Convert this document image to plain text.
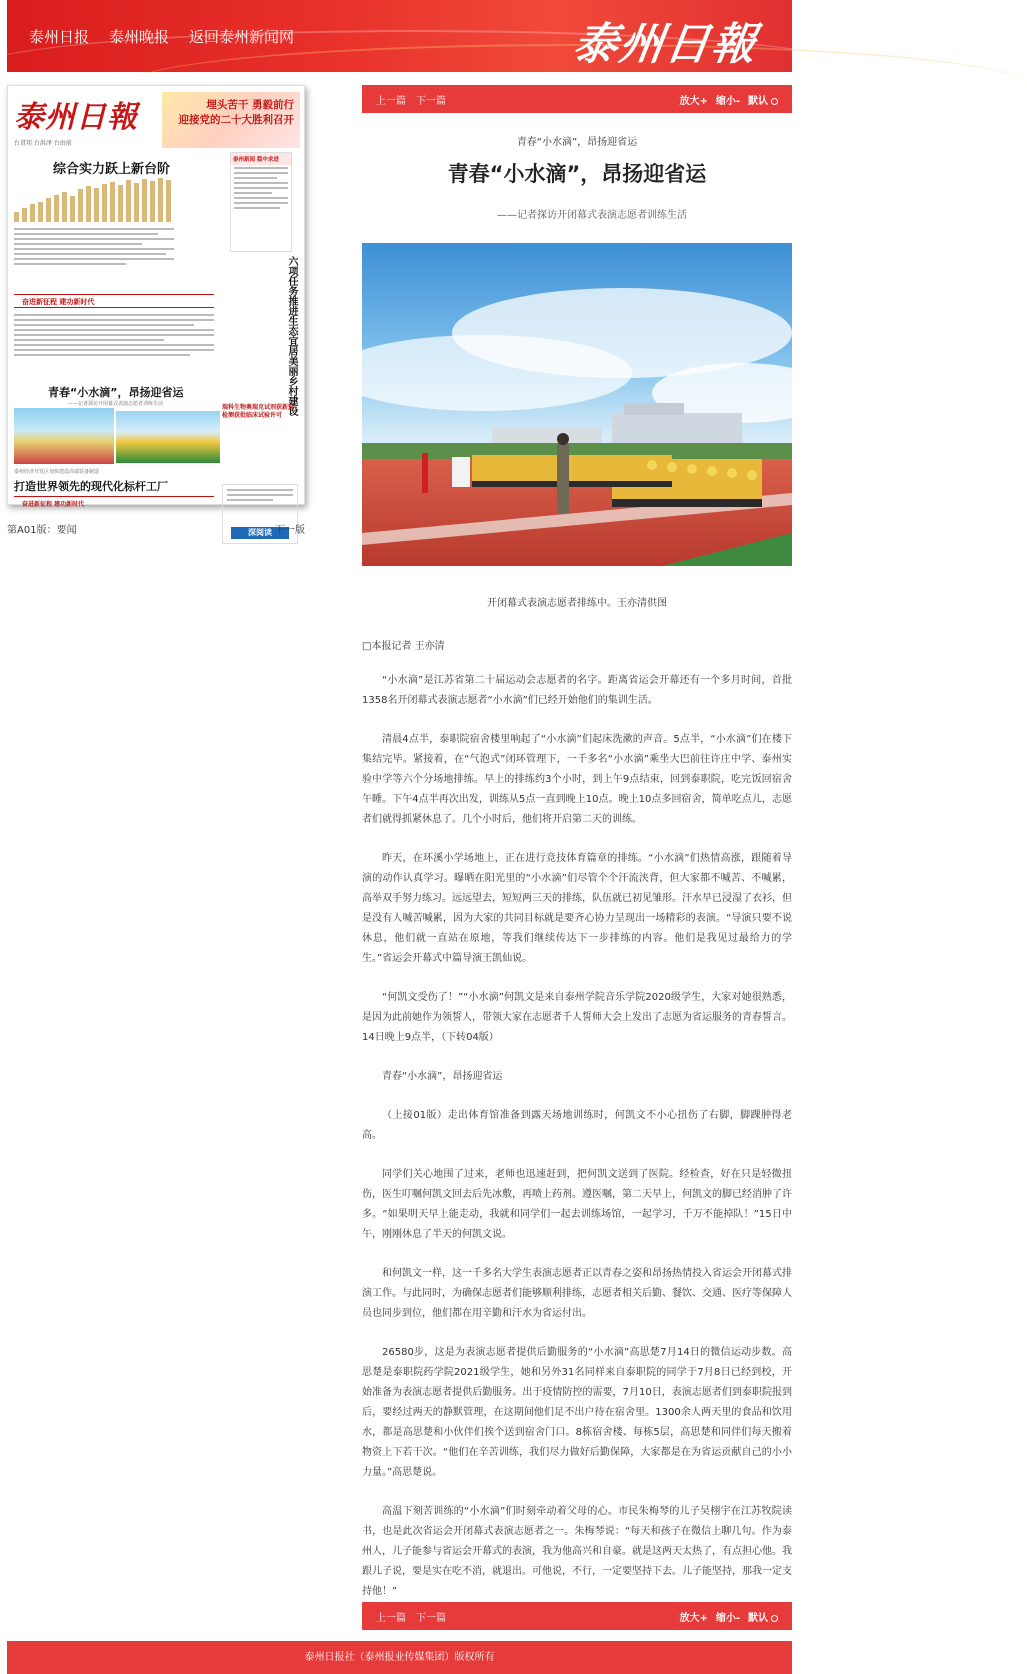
泰州日报 泰州晚报 返回泰州新闻网	泰州日報
泰州日報
台贯邦 台洪泽 台由前
埋头苦干 勇毅前行
迎接党的二十大胜利召开
综合实力跃上新台阶
泰州新闻 稳中求进
六项任务推进生态宜居美丽乡村建设
奋进新征程 建功新时代
青春“小水滴”，昂扬迎省运
——记者探访开闭幕式表演志愿者训练生活	瑞科生物奥瑞克试剂获新冠检测获批临床试验许可
泰州经济开发区加快建设高端装备制造
打造世界领先的现代化标杆工厂
奋进新征程 建功新时代
深阅读
第A01版：要闻	下一版
上一篇 下一篇	放大+ 缩小- 默认
青春“小水滴”，昂扬迎省运
青春“小水滴”，昂扬迎省运
——记者探访开闭幕式表演志愿者训练生活
开闭幕式表演志愿者排练中。王亦清供图
□本报记者 王亦清

“小水滴”是江苏省第二十届运动会志愿者的名字。距离省运会开幕还有一个多月时间，首批1358名开闭幕式表演志愿者“小水滴”们已经开始他们的集训生活。

清晨4点半，泰职院宿舍楼里响起了“小水滴”们起床洗漱的声音。5点半，“小水滴”们在楼下集结完毕。紧接着，在“气泡式”闭环管理下，一千多名“小水滴”乘坐大巴前往许庄中学、泰州实验中学等六个分场地排练。早上的排练约3个小时，到上午9点结束，回到泰职院，吃完饭回宿舍午睡。下午4点半再次出发，训练从5点一直到晚上10点。晚上10点多回宿舍，简单吃点儿，志愿者们就得抓紧休息了。几个小时后，他们将开启第二天的训练。

昨天，在环溪小学场地上，正在进行竞技体育篇章的排练。“小水滴”们热情高涨，跟随着导演的动作认真学习。曝晒在阳光里的“小水滴”们尽管个个汗流浃背，但大家都不喊苦、不喊累，高举双手努力练习。远远望去，短短两三天的排练，队伍就已初见雏形。汗水早已浸湿了衣衫，但是没有人喊苦喊累，因为大家的共同目标就是要齐心协力呈现出一场精彩的表演。“导演只要不说休息，他们就一直站在原地，等我们继续传达下一步排练的内容。他们是我见过最给力的学生。”省运会开幕式中篇导演王凯仙说。

“何凯文受伤了！”“小水滴”何凯文是来自泰州学院音乐学院2020级学生，大家对她很熟悉，是因为此前她作为领誓人，带领大家在志愿者千人誓师大会上发出了志愿为省运服务的青春誓言。14日晚上9点半，（下转04版）

青春“小水滴”，昂扬迎省运

（上接01版）走出体育馆准备到露天场地训练时，何凯文不小心扭伤了右脚，脚踝肿得老高。

同学们关心地围了过来，老师也迅速赶到，把何凯文送到了医院。经检查，好在只是轻微扭伤，医生叮嘱何凯文回去后先冰敷，再喷上药剂。遵医嘱，第二天早上，何凯文的脚已经消肿了许多。“如果明天早上能走动，我就和同学们一起去训练场馆，一起学习，千万不能掉队！”15日中午，刚刚休息了半天的何凯文说。

和何凯文一样，这一千多名大学生表演志愿者正以青春之姿和昂扬热情投入省运会开闭幕式排演工作。与此同时，为确保志愿者们能够顺利排练，志愿者相关后勤、餐饮、交通、医疗等保障人员也同步到位，他们都在用辛勤和汗水为省运付出。

26580步，这是为表演志愿者提供后勤服务的“小水滴”高思楚7月14日的微信运动步数。高思楚是泰职院药学院2021级学生，她和另外31名同样来自泰职院的同学于7月8日已经到校，开始准备为表演志愿者提供后勤服务。出于疫情防控的需要，7月10日，表演志愿者们到泰职院报到后，要经过两天的静默管理，在这期间他们足不出户待在宿舍里。1300余人两天里的食品和饮用水，都是高思楚和小伙伴们挨个送到宿舍门口。8栋宿舍楼、每栋5层，高思楚和同伴们每天搬着物资上下若干次。“他们在辛苦训练，我们尽力做好后勤保障，大家都是在为省运贡献自己的小小力量。”高思楚说。

高温下刻苦训练的“小水滴”们时刻牵动着父母的心。市民朱梅琴的儿子吴栩宇在江苏牧院读书，也是此次省运会开闭幕式表演志愿者之一。朱梅琴说：“每天和孩子在微信上聊几句。作为泰州人，儿子能参与省运会开幕式的表演，我为他高兴和自豪。就是这两天太热了，有点担心他。我跟儿子说，要是实在吃不消，就退出。可他说，不行，一定要坚持下去。儿子能坚持，那我一定支持他！”

上一篇 下一篇	放大+ 缩小- 默认
泰州日报社（泰州报业传媒集团）版权所有
